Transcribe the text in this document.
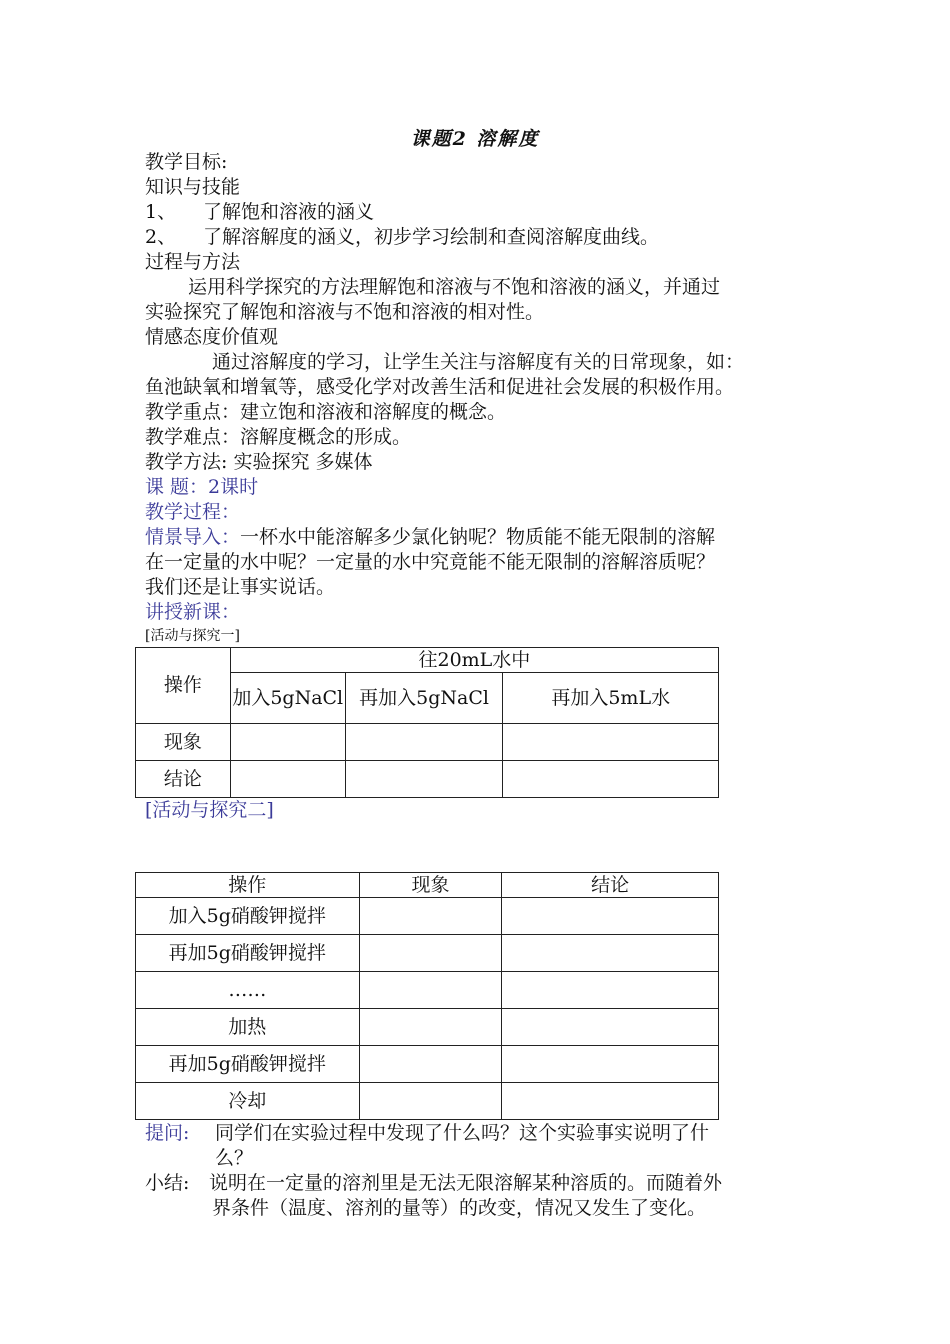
课题2 溶解度
教学目标:
知识与技能
1、 了解饱和溶液的涵义
2、 了解溶解度的涵义，初步学习绘制和查阅溶解度曲线。
过程与方法
运用科学探究的方法理解饱和溶液与不饱和溶液的涵义，并通过
实验探究了解饱和溶液与不饱和溶液的相对性。
情感态度价值观
通过溶解度的学习，让学生关注与溶解度有关的日常现象，如：
鱼池缺氧和增氧等，感受化学对改善生活和促进社会发展的积极作用。
教学重点：建立饱和溶液和溶解度的概念。
教学难点：溶解度概念的形成。
教学方法: 实验探究 多媒体
课 题：2课时
教学过程：
情景导入：一杯水中能溶解多少氯化钠呢？物质能不能无限制的溶解
在一定量的水中呢？一定量的水中究竟能不能无限制的溶解溶质呢？
我们还是让事实说话。
讲授新课：
[活动与探究一]
操作	往20mL水中		
	加入5gNaCl	再加入5gNaCl	再加入5mL水
现象			
结论			
[活动与探究二]
操作	现象	结论
加入5g硝酸钾搅拌		
再加5g硝酸钾搅拌		
……		
加热		
再加5g硝酸钾搅拌		
冷却		
提问: 同学们在实验过程中发现了什么吗？这个实验事实说明了什
么？
小结: 说明在一定量的溶剂里是无法无限溶解某种溶质的。而随着外
界条件（温度、溶剂的量等）的改变，情况又发生了变化。
